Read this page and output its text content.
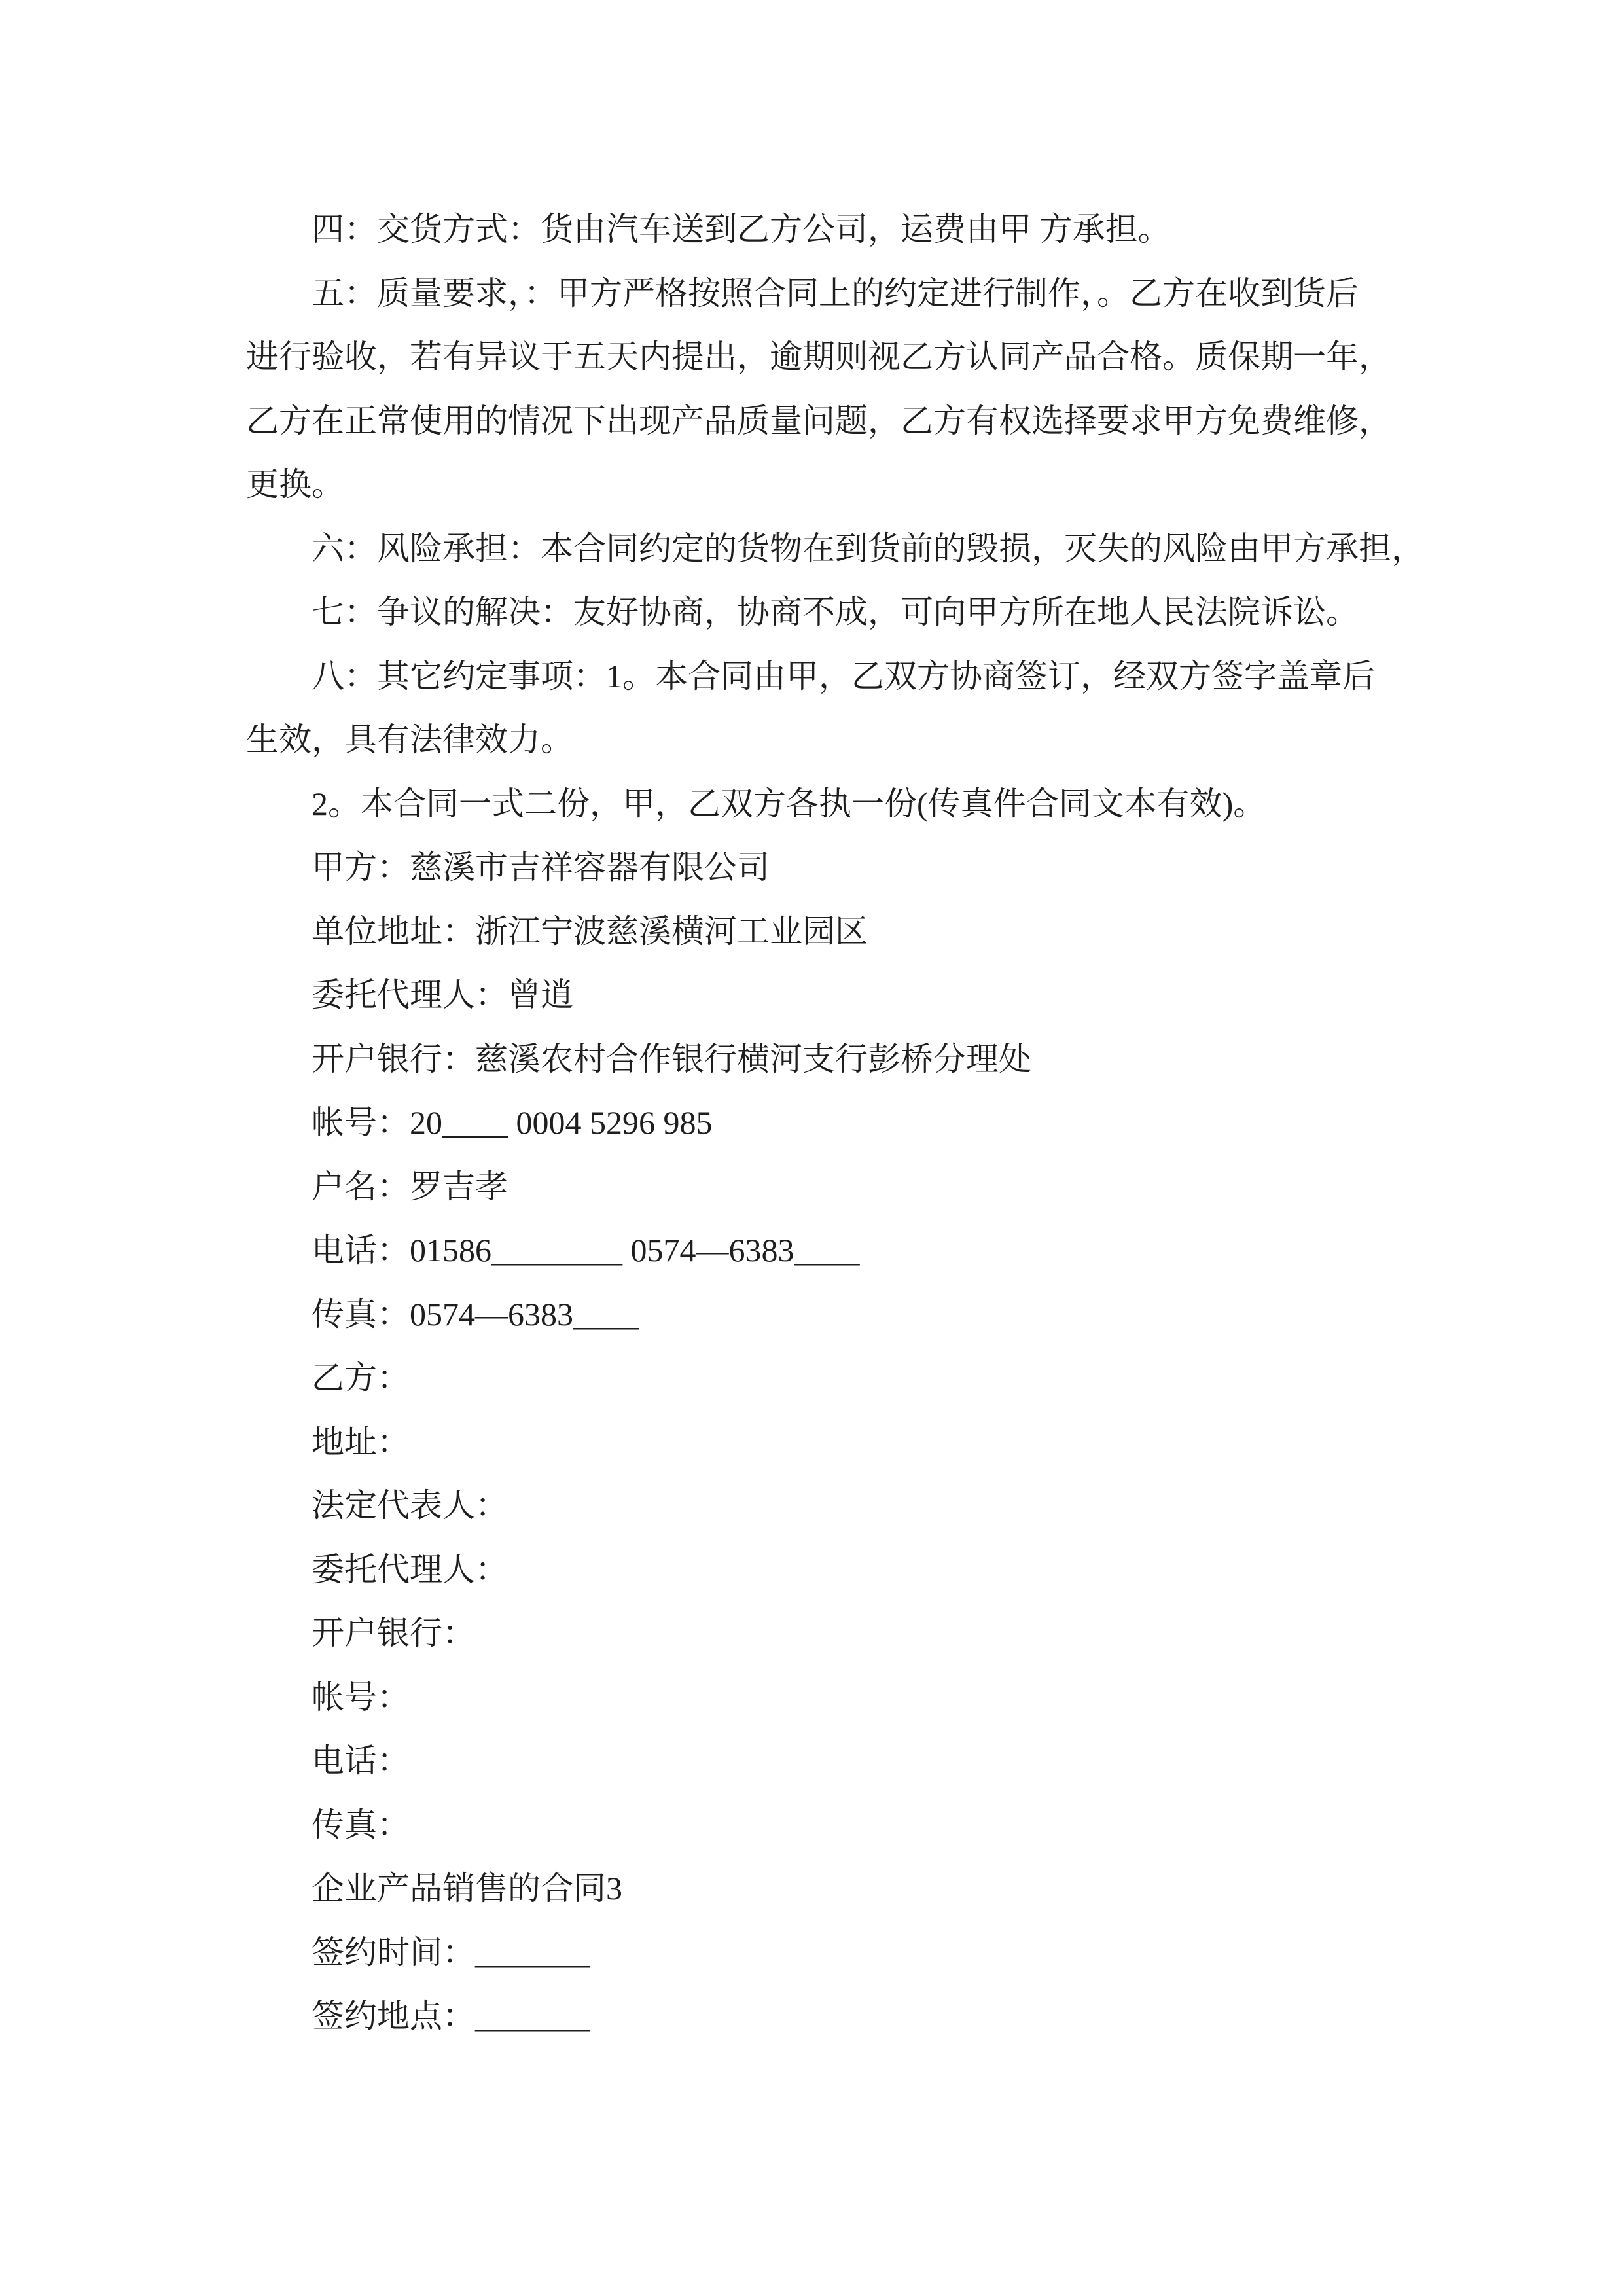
四：交货方式：货由汽车送到乙方公司，运费由甲 方承担。
五：质量要求，：甲方严格按照合同上的约定进行制作，。乙方在收到货后
进行验收，若有异议于五天内提出，逾期则视乙方认同产品合格。质保期一年，
乙方在正常使用的情况下出现产品质量问题，乙方有权选择要求甲方免费维修，
更换。
六：风险承担：本合同约定的货物在到货前的毁损，灭失的风险由甲方承担，
七：争议的解决：友好协商，协商不成，可向甲方所在地人民法院诉讼。
八：其它约定事项：1。本合同由甲，乙双方协商签订，经双方签字盖章后
生效，具有法律效力。
2。本合同一式二份，甲，乙双方各执一份(传真件合同文本有效)。
甲方：慈溪市吉祥容器有限公司
单位地址：浙江宁波慈溪横河工业园区
委托代理人：曾逍
开户银行：慈溪农村合作银行横河支行彭桥分理处
帐号：20____ 0004 5296 985
户名：罗吉孝
电话：01586________ 0574—6383____
传真：0574—6383____
乙方：
地址：
法定代表人：
委托代理人：
开户银行：
帐号：
电话：
传真：
企业产品销售的合同3
签约时间：_______
签约地点：_______
